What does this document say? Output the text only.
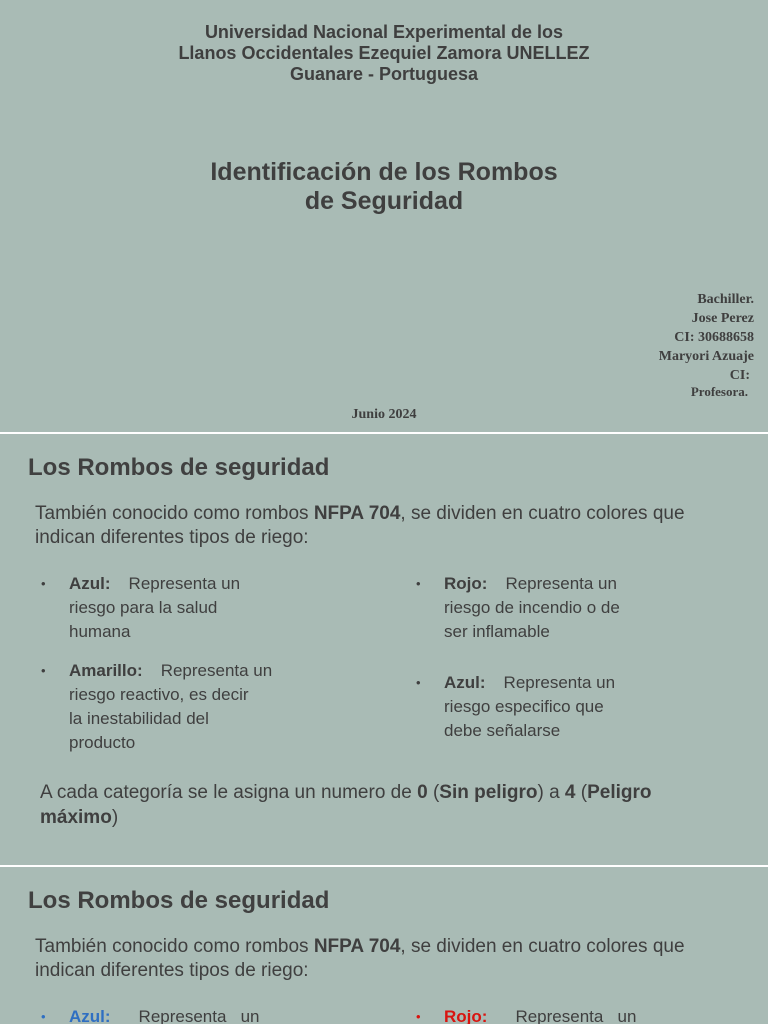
Universidad Nacional Experimental de los
Llanos Occidentales Ezequiel Zamora UNELLEZ
Guanare - Portuguesa
Identificación de los Rombos
de Seguridad
Bachiller.
Jose Perez
CI: 30688658
Maryori Azuaje
CI:
Profesora.
Junio 2024
Los Rombos de seguridad
También conocido como rombos NFPA 704, se dividen en cuatro colores que indican diferentes tipos de riego:
• Azul: Representa un
riesgo para la salud
humana
• Rojo: Representa un
riesgo de incendio o de
ser inflamable
• Amarillo: Representa un
riesgo reactivo, es decir
la inestabilidad del
producto
• Azul: Representa un
riesgo especifico que
debe señalarse
A cada categoría se le asigna un numero de 0 (Sin peligro) a 4 (Peligro máximo)
Los Rombos de seguridad
También conocido como rombos NFPA 704, se dividen en cuatro colores que indican diferentes tipos de riego:
• Azul: Representa   un	• Rojo: Representa   un
